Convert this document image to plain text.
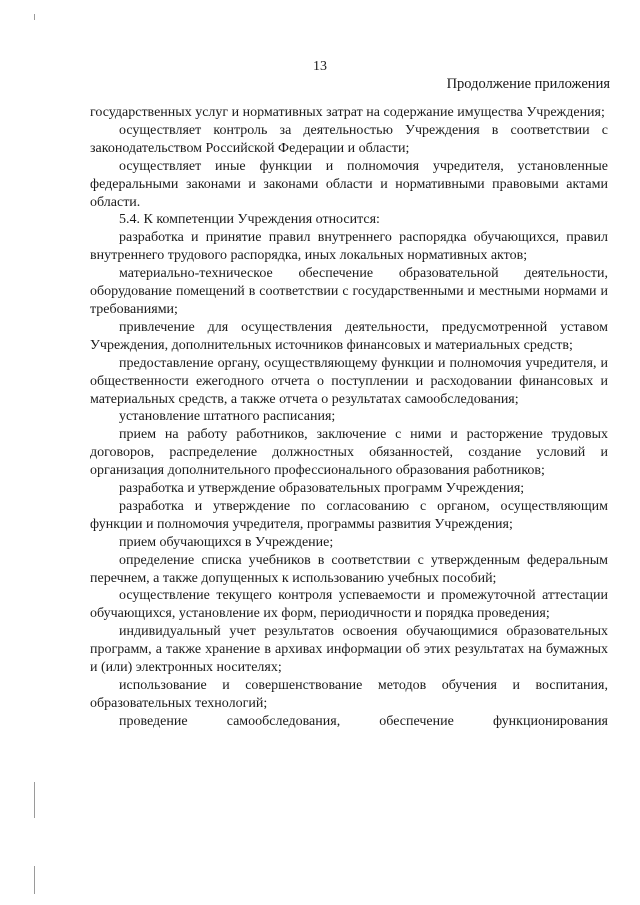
13
Продолжение приложения

государственных услуг и нормативных затрат на содержание имущества Учреждения;

осуществляет контроль за деятельностью Учреждения в соответствии с законодательством Российской Федерации и области;

осуществляет иные функции и полномочия учредителя, установленные федеральными законами и законами области и нормативными правовыми актами области.

5.4. К компетенции Учреждения относится:

разработка и принятие правил внутреннего распорядка обучающихся, правил внутреннего трудового распорядка, иных локальных нормативных актов;

материально-техническое обеспечение образовательной деятельности, оборудование помещений в соответствии с государственными и местными нормами и требованиями;

привлечение для осуществления деятельности, предусмотренной уставом Учреждения, дополнительных источников финансовых и материальных средств;

предоставление органу, осуществляющему функции и полномочия учредителя, и общественности ежегодного отчета о поступлении и расходовании финансовых и материальных средств, а также отчета о результатах самообследования;

установление штатного расписания;

прием на работу работников, заключение с ними и расторжение трудовых договоров, распределение должностных обязанностей, создание условий и организация дополнительного профессионального образования работников;

разработка и утверждение образовательных программ Учреждения;

разработка и утверждение по согласованию с органом, осуществляющим функции и полномочия учредителя, программы развития Учреждения;

прием обучающихся в Учреждение;

определение списка учебников в соответствии с утвержденным федеральным перечнем, а также допущенных к использованию учебных пособий;

осуществление текущего контроля успеваемости и промежуточной аттестации обучающихся, установление их форм, периодичности и порядка проведения;

индивидуальный учет результатов освоения обучающимися образовательных программ, а также хранение в архивах информации об этих результатах на бумажных и (или) электронных носителях;

использование и совершенствование методов обучения и воспитания, образовательных технологий;

проведение самообследования, обеспечение функционирования
